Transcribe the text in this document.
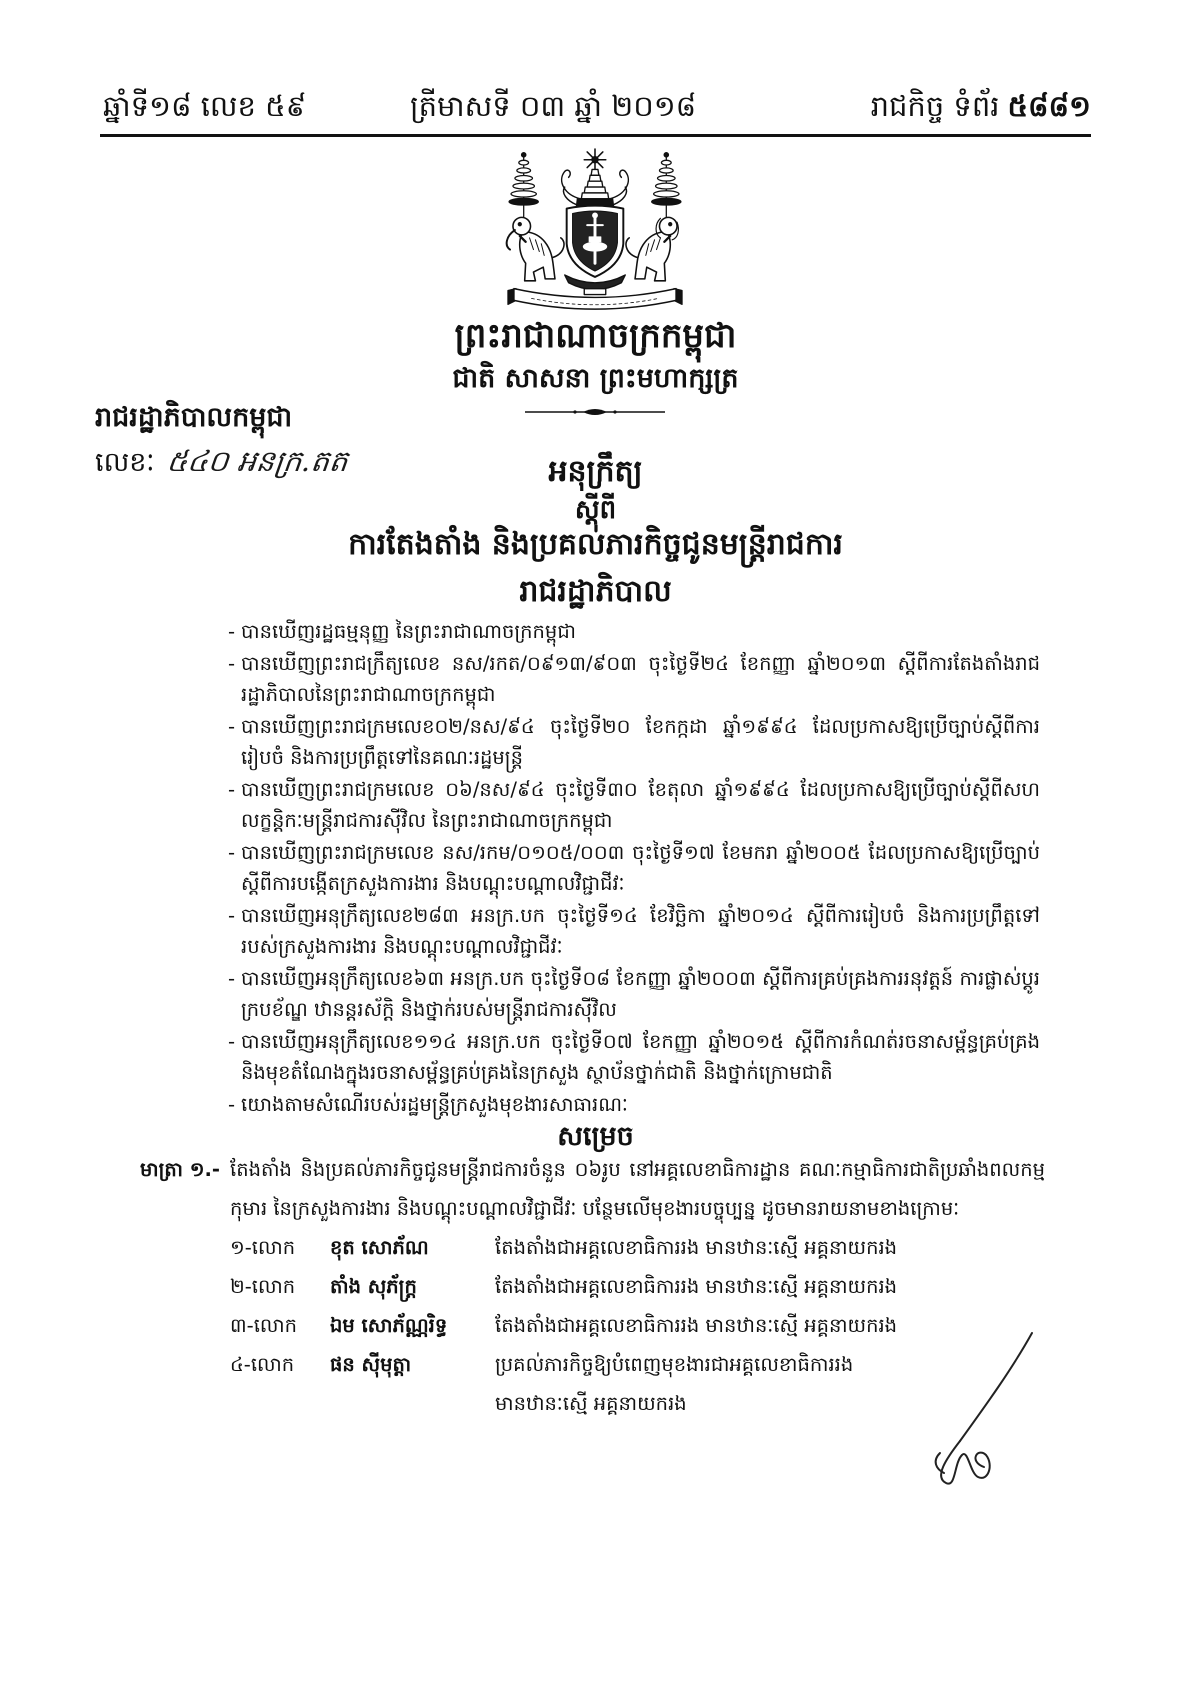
ឆ្នាំទី១៨ លេខ ៥៩	ត្រីមាសទី ០៣ ឆ្នាំ ២០១៨	រាជកិច្ច ទំព័រ ៥៨៨១
ព្រះរាជាណាចក្រកម្ពុជា
ជាតិ សាសនា ព្រះមហាក្សត្រ
រាជរដ្ឋាភិបាលកម្ពុជា
លេខៈ ៥៤០ អនក្រ.តត	អនុក្រឹត្យ
ស្ដីពី
ការតែងតាំង និងប្រគល់ភារកិច្ចជូនមន្ត្រីរាជការ
រាជរដ្ឋាភិបាល
- បានឃើញរដ្ឋធម្មនុញ្ញ នៃព្រះរាជាណាចក្រកម្ពុជា
- បានឃើញព្រះរាជក្រឹត្យលេខ នស/រកត/០៩១៣/៩០៣ ចុះថ្ងៃទី២៤ ខែកញ្ញា ឆ្នាំ២០១៣ ស្ដីពីការតែងតាំងរាជរដ្ឋាភិបាលនៃព្រះរាជាណាចក្រកម្ពុជា
- បានឃើញព្រះរាជក្រមលេខ០២/នស/៩៤ ចុះថ្ងៃទី២០ ខែកក្កដា ឆ្នាំ១៩៩៤ ដែលប្រកាសឱ្យប្រើច្បាប់ស្ដីពីការរៀបចំ និងការប្រព្រឹត្តទៅនៃគណៈរដ្ឋមន្ត្រី
- បានឃើញព្រះរាជក្រមលេខ ០៦/នស/៩៤ ចុះថ្ងៃទី៣០ ខែតុលា ឆ្នាំ១៩៩៤ ដែលប្រកាសឱ្យប្រើច្បាប់ស្ដីពីសហលក្ខន្តិកៈមន្ត្រីរាជការស៊ីវិល នៃព្រះរាជាណាចក្រកម្ពុជា
- បានឃើញព្រះរាជក្រមលេខ នស/រកម/០១០៥/០០៣ ចុះថ្ងៃទី១៧ ខែមករា ឆ្នាំ២០០៥ ដែលប្រកាសឱ្យប្រើច្បាប់ស្ដីពីការបង្កើតក្រសួងការងារ និងបណ្ដុះបណ្ដាលវិជ្ជាជីវៈ
- បានឃើញអនុក្រឹត្យលេខ២៨៣ អនក្រ.បក ចុះថ្ងៃទី១៤ ខែវិច្ឆិកា ឆ្នាំ២០១៤ ស្ដីពីការរៀបចំ និងការប្រព្រឹត្តទៅរបស់ក្រសួងការងារ និងបណ្ដុះបណ្ដាលវិជ្ជាជីវៈ
- បានឃើញអនុក្រឹត្យលេខ៦៣ អនក្រ.បក ចុះថ្ងៃទី០៨ ខែកញ្ញា ឆ្នាំ២០០៣ ស្ដីពីការគ្រប់គ្រងការរនុវត្តន៍ ការផ្លាស់ប្ដូរក្របខ័ណ្ឌ ឋានន្តរស័ក្ដិ និងថ្នាក់របស់មន្ត្រីរាជការស៊ីវិល
- បានឃើញអនុក្រឹត្យលេខ១១៤ អនក្រ.បក ចុះថ្ងៃទី០៧ ខែកញ្ញា ឆ្នាំ២០១៥ ស្ដីពីការកំណត់រចនាសម្ព័ន្ធគ្រប់គ្រង និងមុខតំណែងក្នុងរចនាសម្ព័ន្ធគ្រប់គ្រងនៃក្រសួង ស្ថាប័នថ្នាក់ជាតិ និងថ្នាក់ក្រោមជាតិ
- យោងតាមសំណើរបស់រដ្ឋមន្ត្រីក្រសួងមុខងារសាធារណៈ
សម្រេច
មាត្រា ១.- តែងតាំង និងប្រគល់ភារកិច្ចជូនមន្ត្រីរាជការចំនួន ០៦រូប នៅអគ្គលេខាធិការដ្ឋាន គណៈកម្មាធិការជាតិប្រឆាំងពលកម្មកុមារ នៃក្រសួងការងារ និងបណ្ដុះបណ្ដាលវិជ្ជាជីវៈ បន្ថែមលើមុខងារបច្ចុប្បន្ន ដូចមានរាយនាមខាងក្រោមៈ
១-លោក	ខុត សោភ័ណ	តែងតាំងជាអគ្គលេខាធិការរង មានឋានៈស្មើ អគ្គនាយករង
២-លោក	តាំង សុភ័ក្ត្រ	តែងតាំងជាអគ្គលេខាធិការរង មានឋានៈស្មើ អគ្គនាយករង
៣-លោក	ឯម សោភ័ណ្ណរិទ្ធ	តែងតាំងជាអគ្គលេខាធិការរង មានឋានៈស្មើ អគ្គនាយករង
៤-លោក	ផន ស៊ីមុត្តា	ប្រគល់ភារកិច្ចឱ្យបំពេញមុខងារជាអគ្គលេខាធិការរង
មានឋានៈស្មើ អគ្គនាយករង
